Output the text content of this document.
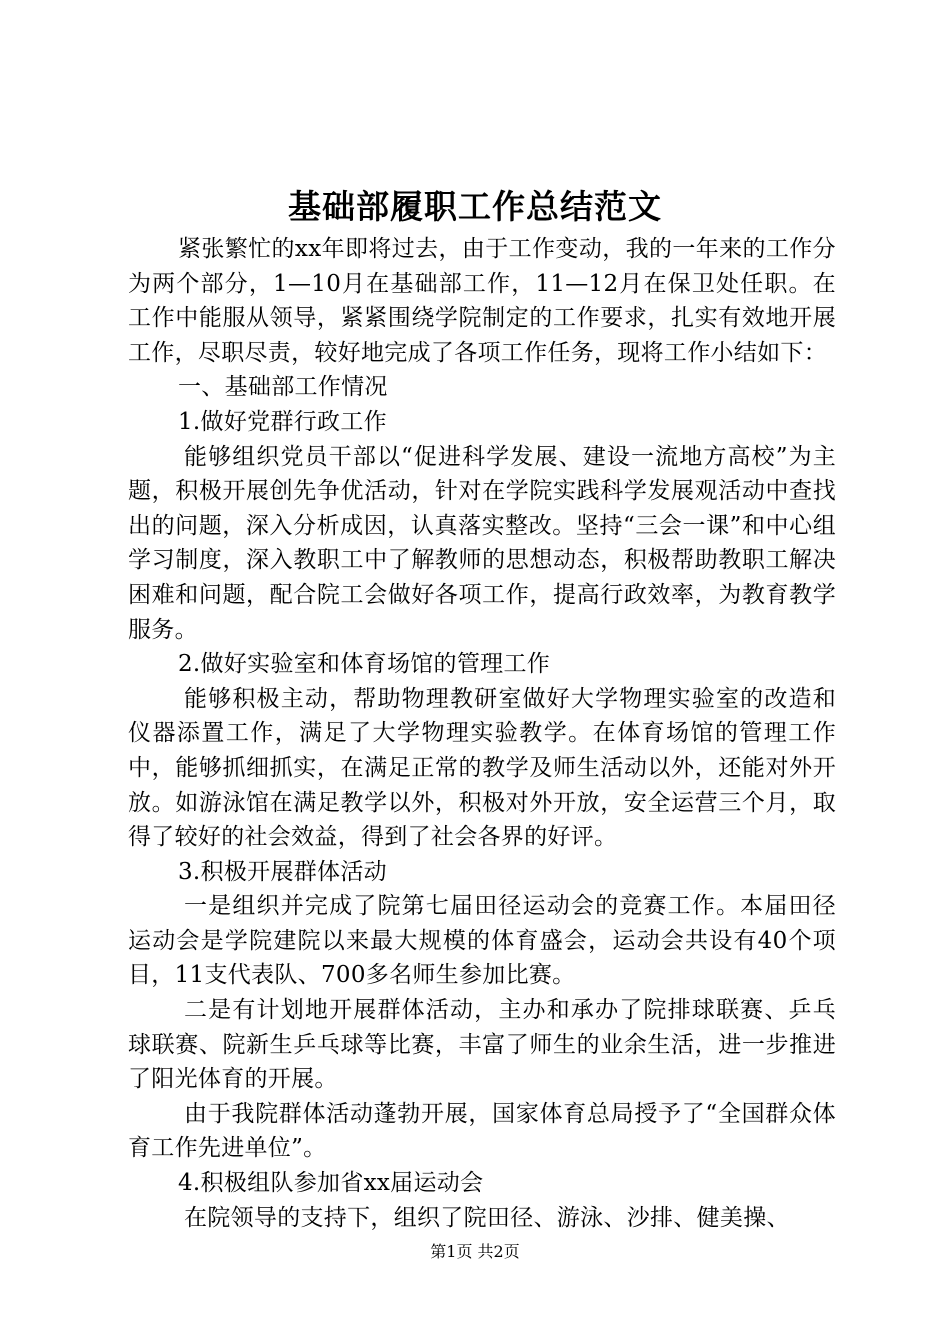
基础部履职工作总结范文

紧张繁忙的xx年即将过去，由于工作变动，我的一年来的工作分为两个部分，1—10月在基础部工作，11—12月在保卫处任职。在工作中能服从领导，紧紧围绕学院制定的工作要求，扎实有效地开展工作，尽职尽责，较好地完成了各项工作任务，现将工作小结如下：

一、基础部工作情况

1.做好党群行政工作

能够组织党员干部以“促进科学发展、建设一流地方高校”为主题，积极开展创先争优活动，针对在学院实践科学发展观活动中查找出的问题，深入分析成因，认真落实整改。坚持“三会一课”和中心组学习制度，深入教职工中了解教师的思想动态，积极帮助教职工解决困难和问题，配合院工会做好各项工作，提高行政效率，为教育教学服务。

2.做好实验室和体育场馆的管理工作

能够积极主动，帮助物理教研室做好大学物理实验室的改造和仪器添置工作，满足了大学物理实验教学。在体育场馆的管理工作中，能够抓细抓实，在满足正常的教学及师生活动以外，还能对外开放。如游泳馆在满足教学以外，积极对外开放，安全运营三个月，取得了较好的社会效益，得到了社会各界的好评。

3.积极开展群体活动

一是组织并完成了院第七届田径运动会的竞赛工作。本届田径运动会是学院建院以来最大规模的体育盛会，运动会共设有40个项目，11支代表队、700多名师生参加比赛。

二是有计划地开展群体活动，主办和承办了院排球联赛、乒乓球联赛、院新生乒乓球等比赛，丰富了师生的业余生活，进一步推进了阳光体育的开展。

由于我院群体活动蓬勃开展，国家体育总局授予了“全国群众体育工作先进单位”。

4.积极组队参加省xx届运动会

在院领导的支持下，组织了院田径、游泳、沙排、健美操、

第1页 共2页
